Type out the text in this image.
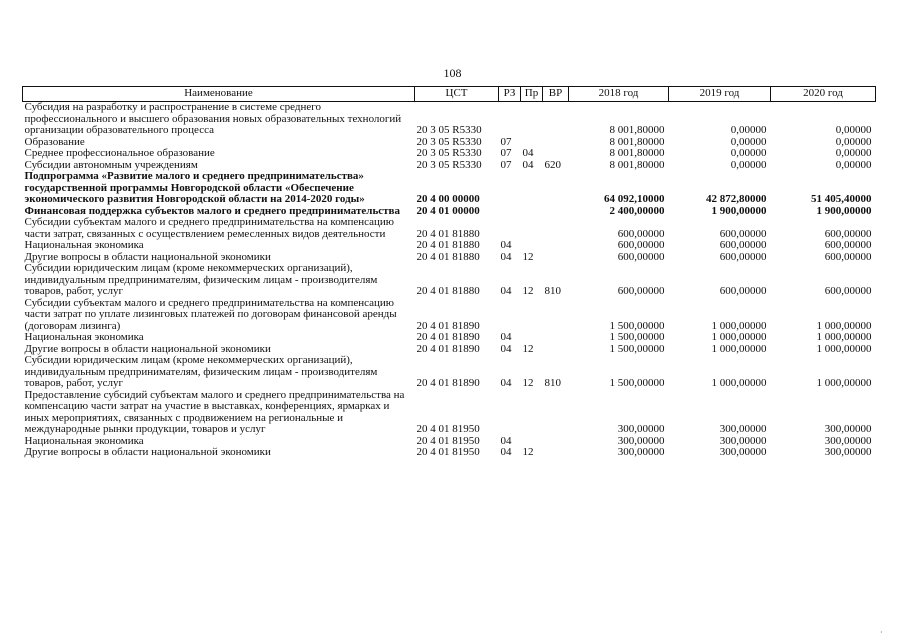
108
Наименование	ЦСТ	РЗ	Пр	ВР	2018 год	2019 год	2020 год
Субсидия на разработку и распространение в системе среднего профессионального и высшего образования новых образовательных технологий организации образовательного процесса	20 3 05 R5330				8 001,80000	0,00000	0,00000
Образование	20 3 05 R5330	07			8 001,80000	0,00000	0,00000
Среднее профессиональное образование	20 3 05 R5330	07	04		8 001,80000	0,00000	0,00000
Субсидии автономным учреждениям	20 3 05 R5330	07	04	620	8 001,80000	0,00000	0,00000
Подпрограмма «Развитие малого и среднего предпринимательства» государственной программы Новгородской области «Обеспечение экономического развития Новгородской области на 2014-2020 годы»	20 4 00 00000				64 092,10000	42 872,80000	51 405,40000
Финансовая поддержка субъектов малого и среднего предпринимательства	20 4 01 00000				2 400,00000	1 900,00000	1 900,00000
Субсидии субъектам малого и среднего предпринимательства на компенсацию части затрат, связанных с осуществлением ремесленных видов деятельности	20 4 01 81880				600,00000	600,00000	600,00000
Национальная экономика	20 4 01 81880	04			600,00000	600,00000	600,00000
Другие вопросы в области национальной экономики	20 4 01 81880	04	12		600,00000	600,00000	600,00000
Субсидии юридическим лицам (кроме некоммерческих организаций), индивидуальным предпринимателям, физическим лицам - производителям товаров, работ, услуг	20 4 01 81880	04	12	810	600,00000	600,00000	600,00000
Субсидии субъектам малого и среднего предпринимательства на компенсацию части затрат по уплате лизинговых платежей по договорам финансовой аренды (договорам лизинга)	20 4 01 81890				1 500,00000	1 000,00000	1 000,00000
Национальная экономика	20 4 01 81890	04			1 500,00000	1 000,00000	1 000,00000
Другие вопросы в области национальной экономики	20 4 01 81890	04	12		1 500,00000	1 000,00000	1 000,00000
Субсидии юридическим лицам (кроме некоммерческих организаций), индивидуальным предпринимателям, физическим лицам - производителям товаров, работ, услуг	20 4 01 81890	04	12	810	1 500,00000	1 000,00000	1 000,00000
Предоставление субсидий субъектам малого и среднего предпринимательства на компенсацию части затрат на участие в выставках, конференциях, ярмарках и иных мероприятиях, связанных с продвижением на региональные и международные рынки продукции, товаров и услуг	20 4 01 81950				300,00000	300,00000	300,00000
Национальная экономика	20 4 01 81950	04			300,00000	300,00000	300,00000
Другие вопросы в области национальной экономики	20 4 01 81950	04	12		300,00000	300,00000	300,00000
·
